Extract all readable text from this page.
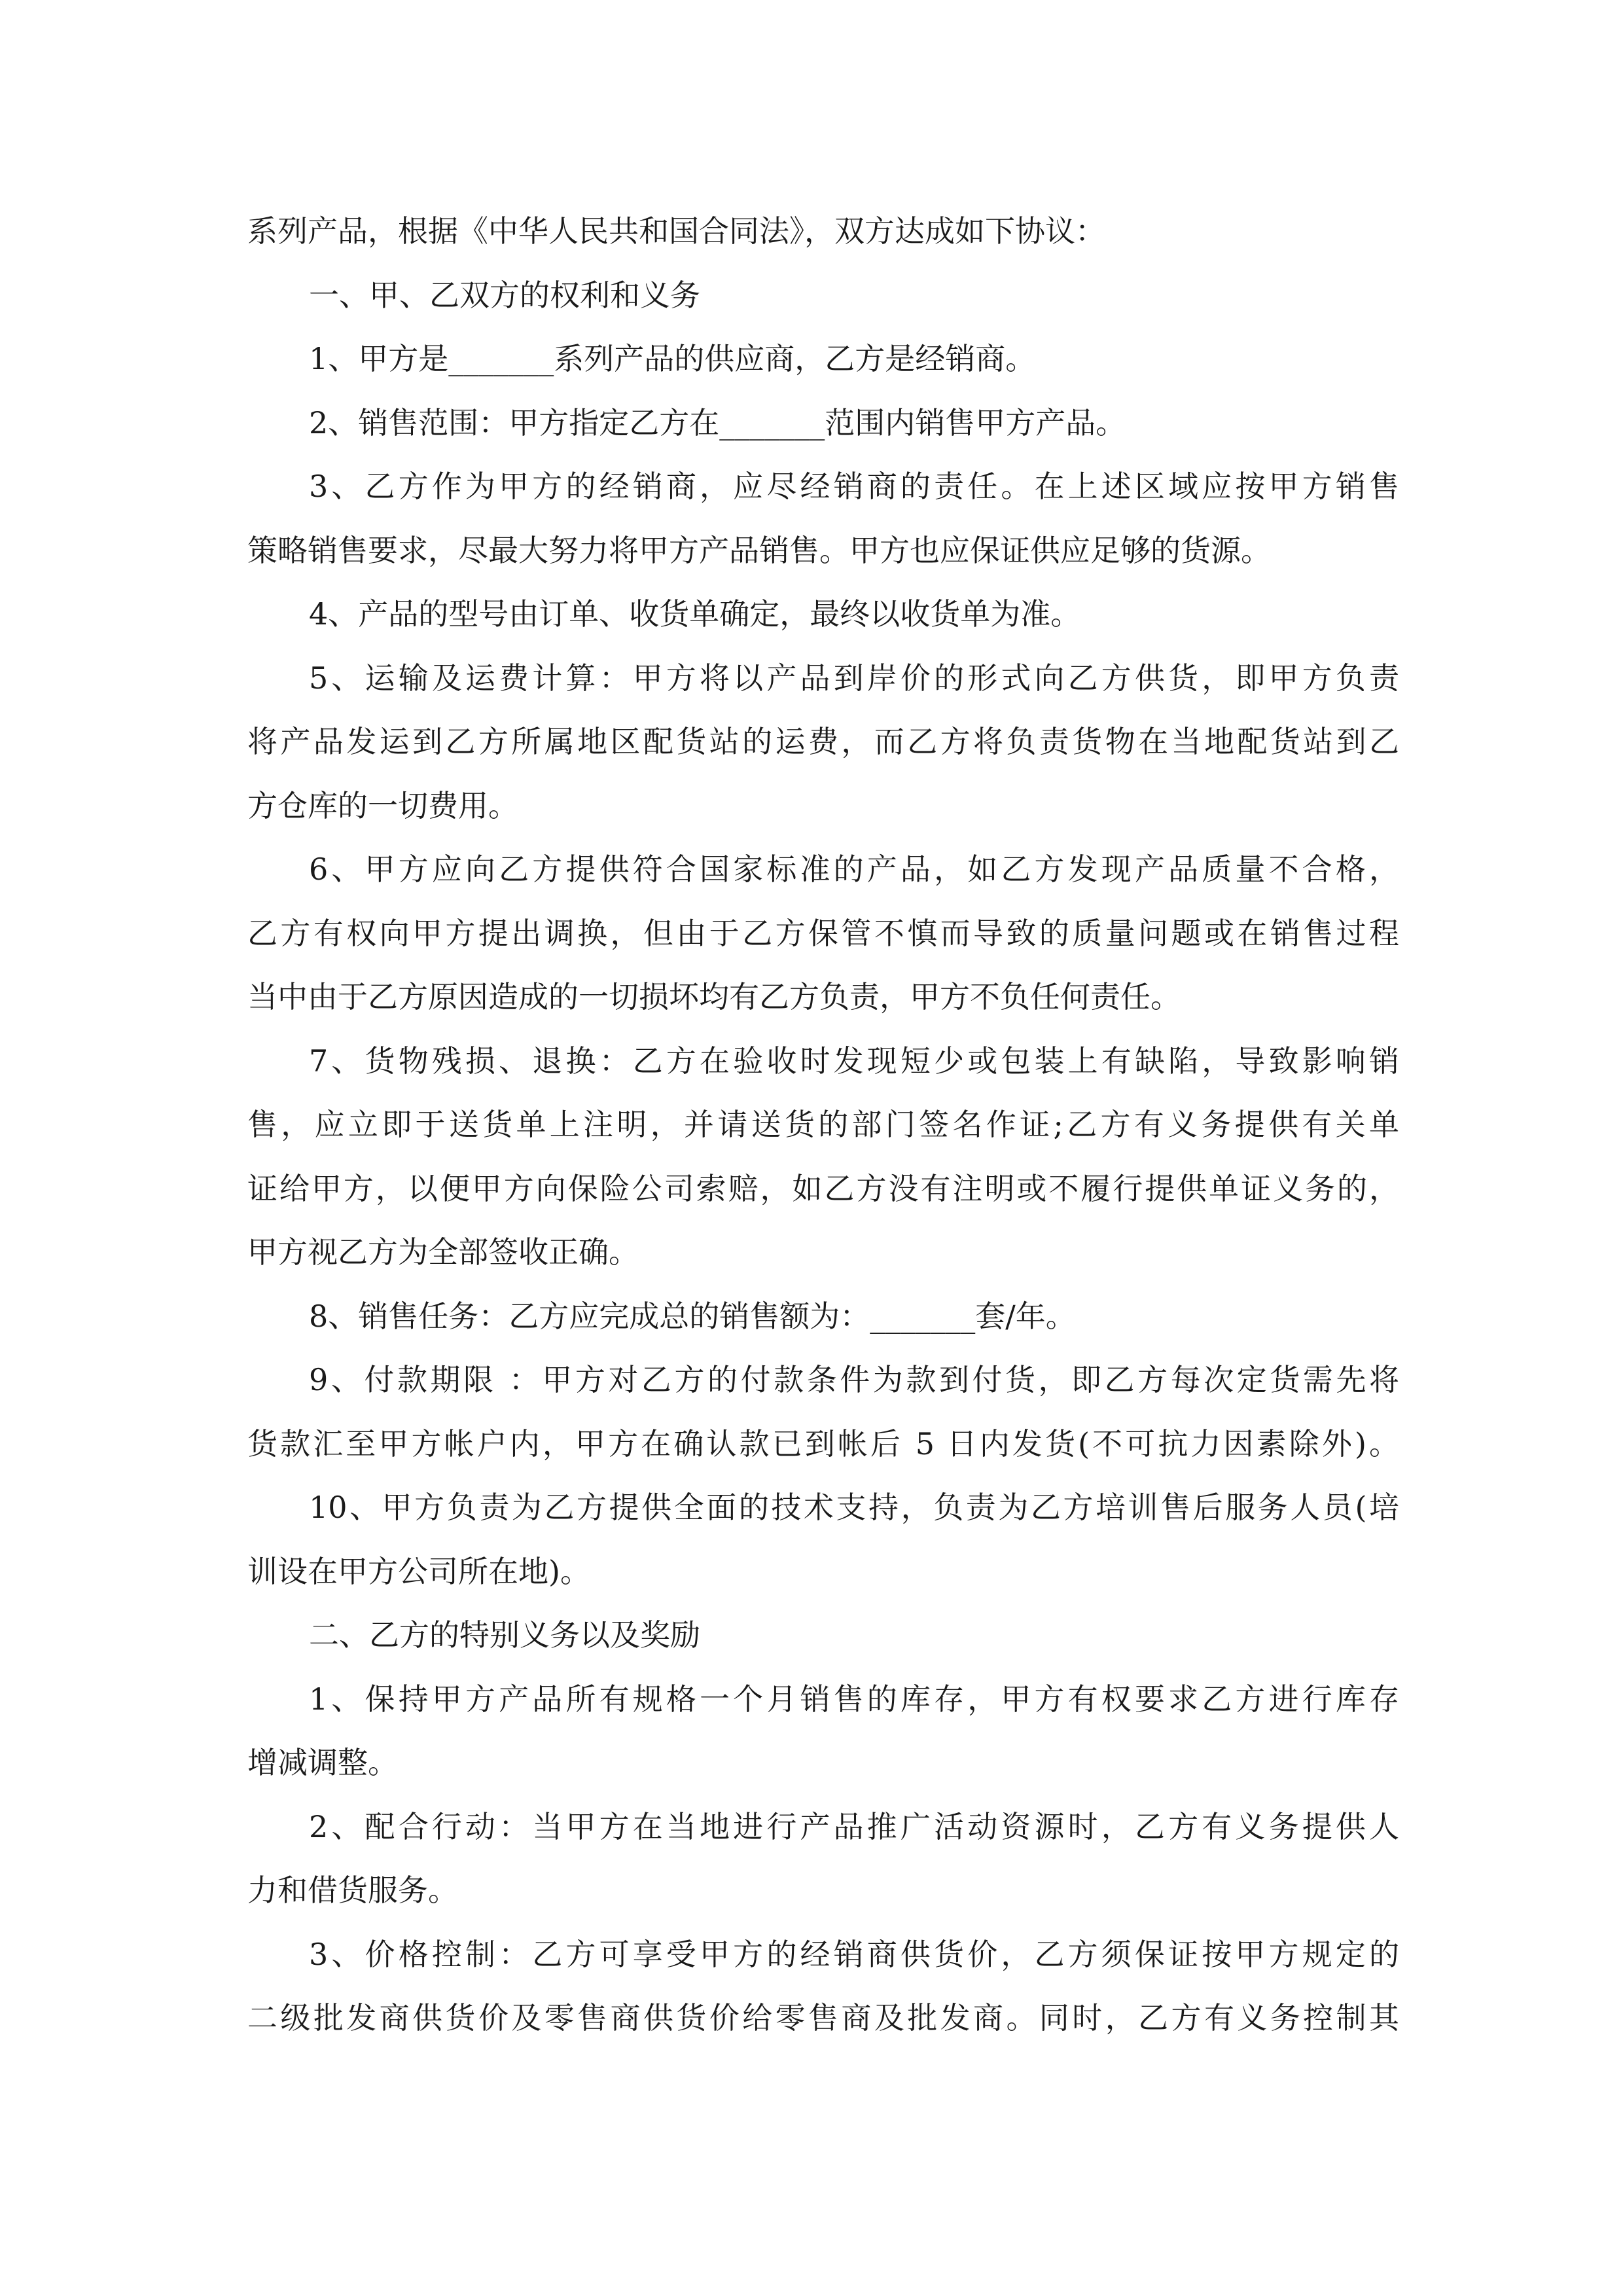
系列产品，根据《中华人民共和国合同法》，双方达成如下协议：
一、甲、乙双方的权利和义务
1、甲方是_______系列产品的供应商，乙方是经销商。
2、销售范围：甲方指定乙方在_______范围内销售甲方产品。
3、乙方作为甲方的经销商，应尽经销商的责任。在上述区域应按甲方销售
策略销售要求，尽最大努力将甲方产品销售。甲方也应保证供应足够的货源。
4、产品的型号由订单、收货单确定，最终以收货单为准。
5、运输及运费计算：甲方将以产品到岸价的形式向乙方供货，即甲方负责
将产品发运到乙方所属地区配货站的运费，而乙方将负责货物在当地配货站到乙
方仓库的一切费用。
6、甲方应向乙方提供符合国家标准的产品，如乙方发现产品质量不合格，
乙方有权向甲方提出调换，但由于乙方保管不慎而导致的质量问题或在销售过程
当中由于乙方原因造成的一切损坏均有乙方负责，甲方不负任何责任。
7、货物残损、退换：乙方在验收时发现短少或包装上有缺陷，导致影响销
售，应立即于送货单上注明，并请送货的部门签名作证;乙方有义务提供有关单
证给甲方，以便甲方向保险公司索赔，如乙方没有注明或不履行提供单证义务的，
甲方视乙方为全部签收正确。
8、销售任务：乙方应完成总的销售额为：_______套/年。
9、付款期限 ：甲方对乙方的付款条件为款到付货，即乙方每次定货需先将
货款汇至甲方帐户内，甲方在确认款已到帐后 5 日内发货(不可抗力因素除外)。
10、甲方负责为乙方提供全面的技术支持，负责为乙方培训售后服务人员(培
训设在甲方公司所在地)。
二、乙方的特别义务以及奖励
1、保持甲方产品所有规格一个月销售的库存，甲方有权要求乙方进行库存
增减调整。
2、配合行动：当甲方在当地进行产品推广活动资源时，乙方有义务提供人
力和借货服务。
3、价格控制：乙方可享受甲方的经销商供货价，乙方须保证按甲方规定的
二级批发商供货价及零售商供货价给零售商及批发商。同时，乙方有义务控制其
